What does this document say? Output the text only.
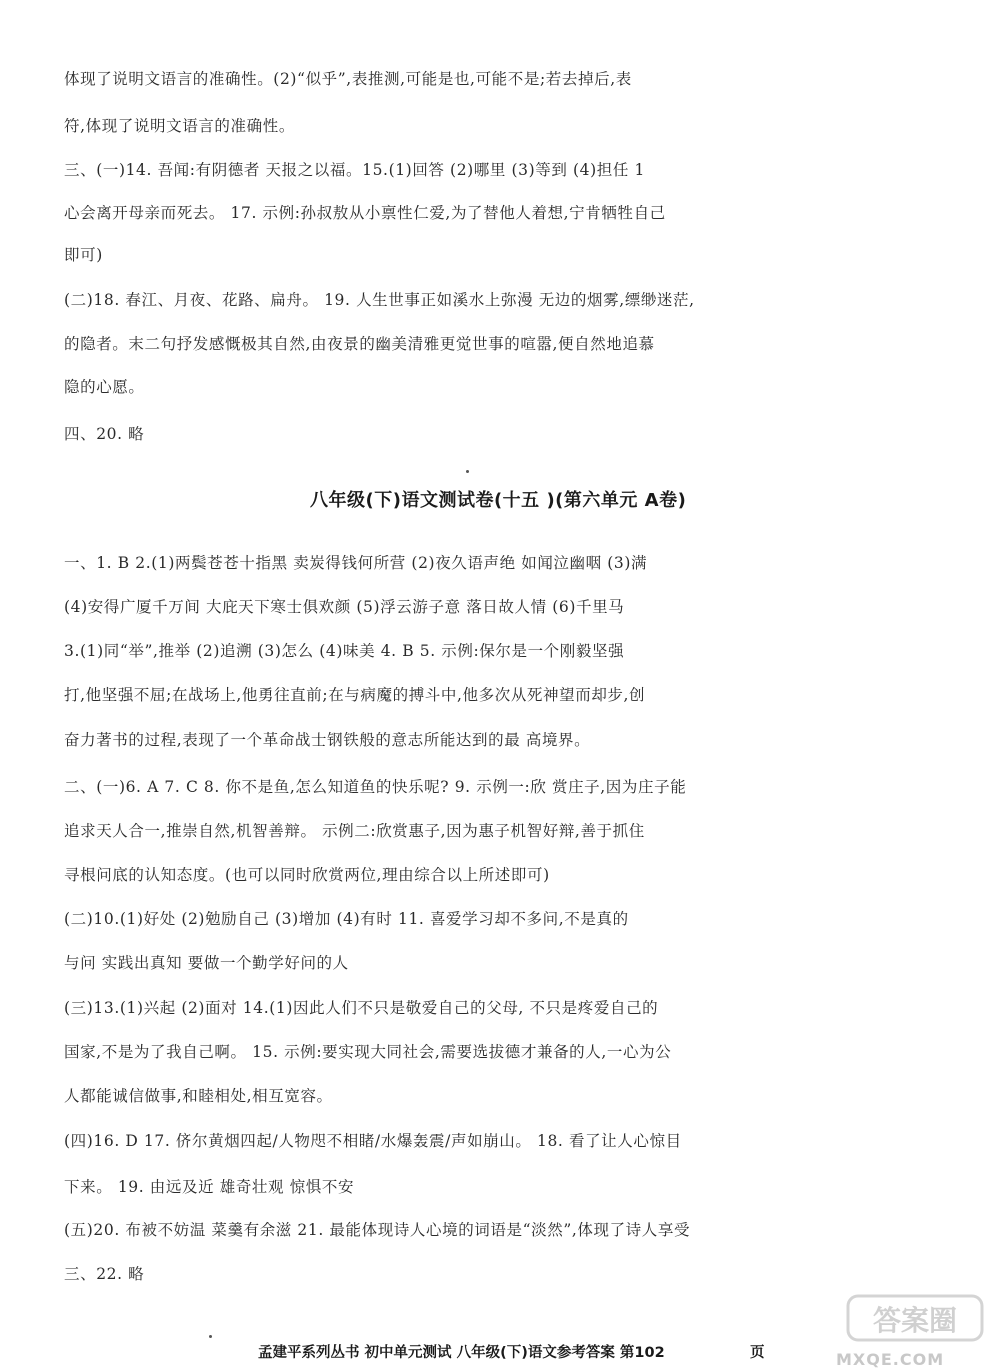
体现了说明文语言的准确性。(2)“似乎”,表推测,可能是也,可能不是;若去掉后,表
符,体现了说明文语言的准确性。
三、(一)14. 吾闻:有阴德者 天报之以福。15.(1)回答 (2)哪里 (3)等到 (4)担任 1
心会离开母亲而死去。 17. 示例:孙叔敖从小禀性仁爱,为了替他人着想,宁肯牺牲自己
即可)
(二)18. 春江、月夜、花路、扁舟。 19. 人生世事正如溪水上弥漫 无边的烟雾,缥缈迷茫,
的隐者。末二句抒发感慨极其自然,由夜景的幽美清雅更觉世事的喧嚣,便自然地追慕
隐的心愿。
四、20. 略
一、1. B 2.(1)两鬓苍苍十指黑 卖炭得钱何所营 (2)夜久语声绝 如闻泣幽咽 (3)满
(4)安得广厦千万间 大庇天下寒士俱欢颜 (5)浮云游子意 落日故人情 (6)千里马
3.(1)同“举”,推举 (2)追溯 (3)怎么 (4)味美 4. B 5. 示例:保尔是一个刚毅坚强
打,他坚强不屈;在战场上,他勇往直前;在与病魔的搏斗中,他多次从死神望而却步,创
奋力著书的过程,表现了一个革命战士钢铁般的意志所能达到的最 高境界。
二、(一)6. A 7. C 8. 你不是鱼,怎么知道鱼的快乐呢? 9. 示例一:欣 赏庄子,因为庄子能
追求天人合一,推崇自然,机智善辩。 示例二:欣赏惠子,因为惠子机智好辩,善于抓住
寻根问底的认知态度。(也可以同时欣赏两位,理由综合以上所述即可)
(二)10.(1)好处 (2)勉励自己 (3)增加 (4)有时 11. 喜爱学习却不多问,不是真的
与问 实践出真知 要做一个勤学好问的人
(三)13.(1)兴起 (2)面对 14.(1)因此人们不只是敬爱自己的父母, 不只是疼爱自己的
国家,不是为了我自己啊。 15. 示例:要实现大同社会,需要选拔德才兼备的人,一心为公
人都能诚信做事,和睦相处,相互宽容。
(四)16. D 17. 侪尔黄烟四起/人物咫不相睹/水爆轰震/声如崩山。 18. 看了让人心惊目
下来。 19. 由远及近 雄奇壮观 惊惧不安
(五)20. 布被不妨温 菜羹有余滋 21. 最能体现诗人心境的词语是“淡然”,体现了诗人享受
三、22. 略
八年级(下)语文测试卷(十五 )(第六单元 A卷)
孟建平系列丛书 初中单元测试 八年级(下)语文参考答案 第102	页
答案圈
MXQE.COM
